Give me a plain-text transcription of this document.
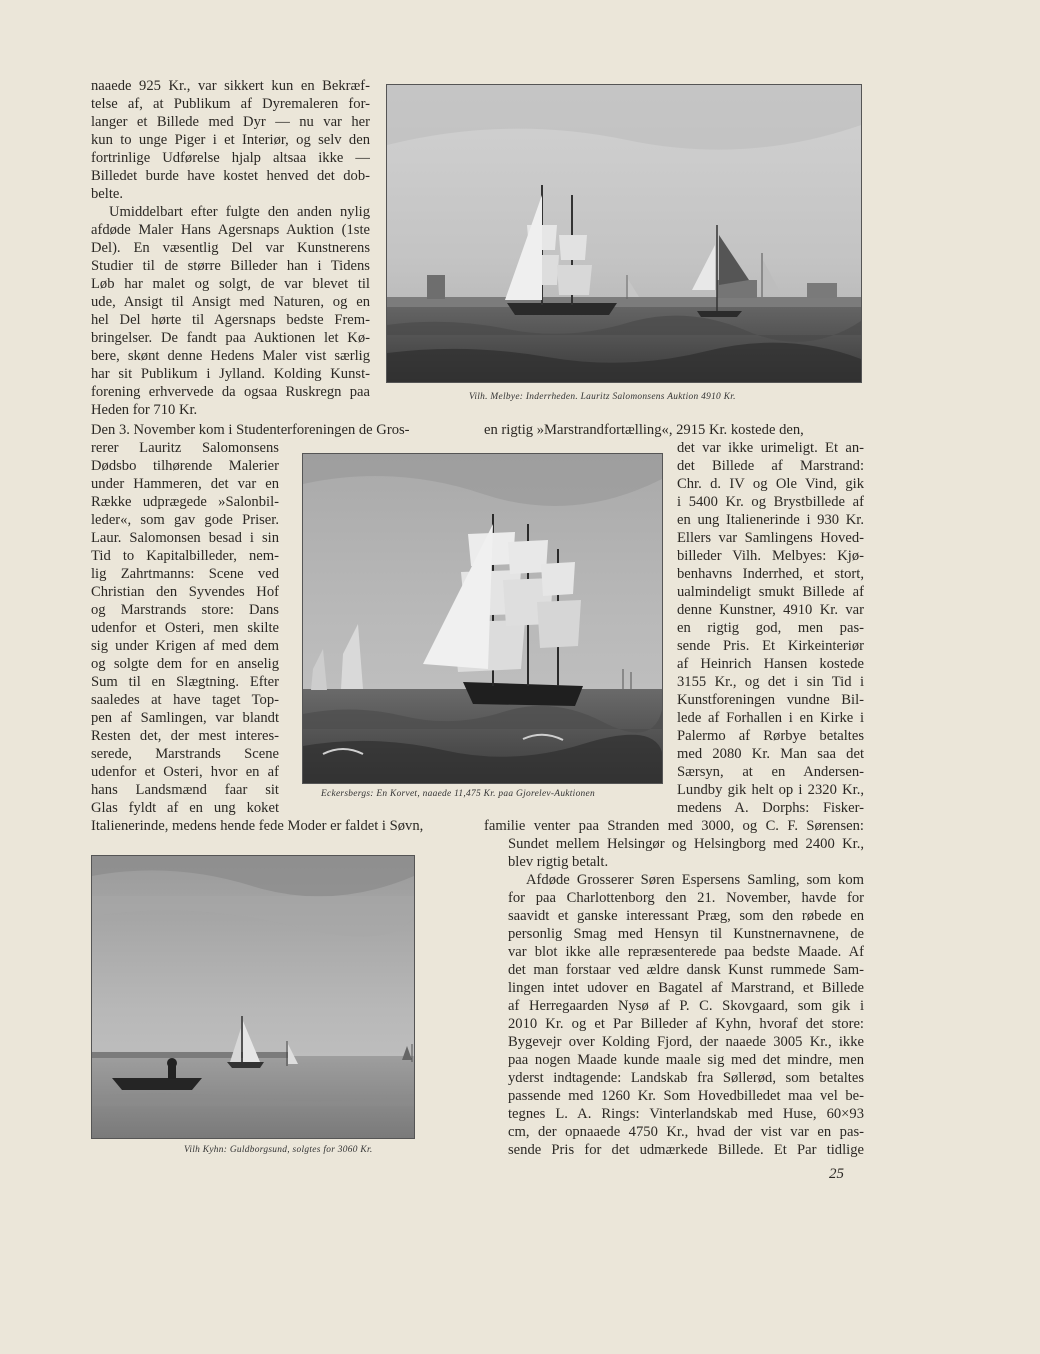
naaede 925 Kr., var sikkert kun en Bekræf-
telse af, at Publikum af Dyremaleren for-
langer et Billede med Dyr — nu var her
kun to unge Piger i et Interiør, og selv den
fortrinlige Udførelse hjalp altsaa ikke —
Billedet burde have kostet henved det dob-
belte.
Umiddelbart efter fulgte den anden nylig
afdøde Maler Hans Agersnaps Auktion (1ste
Del). En væsentlig Del var Kunstnerens
Studier til de større Billeder han i Tidens
Løb har malet og solgt, de var blevet til
ude, Ansigt til Ansigt med Naturen, og en
hel Del hørte til Agersnaps bedste Frem-
bringelser. De fandt paa Auktionen let Kø-
bere, skønt denne Hedens Maler vist særlig
har sit Publikum i Jylland. Kolding Kunst-
forening erhvervede da ogsaa Ruskregn paa
Heden for 710 Kr.
Vilh. Melbye: Inderrheden. Lauritz Salomonsens Auktion 4910 Kr.
Den 3. November kom i Studenterforeningen de Gros-	en rigtig »Marstrandfortælling«, 2915 Kr. kostede den,
rerer Lauritz Salomonsens
Dødsbo tilhørende Malerier
under Hammeren, det var en
Række udprægede »Salonbil-
leder«, som gav gode Priser.
Laur. Salomonsen besad i sin
Tid to Kapitalbilleder, nem-
lig Zahrtmanns: Scene ved
Christian den Syvendes Hof
og Marstrands store: Dans
udenfor et Osteri, men skilte
sig under Krigen af med dem
og solgte dem for en anselig
Sum til en Slægtning. Efter
saaledes at have taget Top-
pen af Samlingen, var blandt
Resten det, der mest interes-
serede, Marstrands Scene
udenfor et Osteri, hvor en af
hans Landsmænd faar sit
Glas fyldt af en ung koket
Eckersbergs: En Korvet, naaede 11,475 Kr. paa Gjorelev-Auktionen
det var ikke urimeligt. Et an-
det Billede af Marstrand:
Chr. d. IV og Ole Vind, gik
i 5400 Kr. og Brystbillede af
en ung Italienerinde i 930 Kr.
Ellers var Samlingens Hoved-
billeder Vilh. Melbyes: Kjø-
benhavns Inderrhed, et stort,
ualmindeligt smukt Billede af
denne Kunstner, 4910 Kr. var
en rigtig god, men pas-
sende Pris. Et Kirkeinteriør
af Heinrich Hansen kostede
3155 Kr., og det i sin Tid i
Kunstforeningen vundne Bil-
lede af Forhallen i en Kirke i
Palermo af Rørbye betaltes
med 2080 Kr. Man saa det
Særsyn, at en Andersen-
Lundby gik helt op i 2320 Kr.,
medens A. Dorphs: Fisker-
Italienerinde, medens hende fede Moder er faldet i Søvn,
Vilh Kyhn: Guldborgsund, solgtes for 3060 Kr.
familie venter paa Stranden med 3000, og C. F. Sørensen:
Sundet mellem Helsingør og Helsingborg med 2400 Kr.,
blev rigtig betalt.
Afdøde Grosserer Søren Espersens Samling, som kom
for paa Charlottenborg den 21. November, havde for
saavidt et ganske interessant Præg, som den røbede en
personlig Smag med Hensyn til Kunstnernavnene, de
var blot ikke alle repræsenterede paa bedste Maade. Af
det man forstaar ved ældre dansk Kunst rummede Sam-
lingen intet udover en Bagatel af Marstrand, et Billede
af Herregaarden Nysø af P. C. Skovgaard, som gik i
2010 Kr. og et Par Billeder af Kyhn, hvoraf det store:
Bygevejr over Kolding Fjord, der naaede 3005 Kr., ikke
paa nogen Maade kunde maale sig med det mindre, men
yderst indtagende: Landskab fra Søllerød, som betaltes
passende med 1260 Kr. Som Hovedbilledet maa vel be-
tegnes L. A. Rings: Vinterlandskab med Huse, 60×93
cm, der opnaaede 4750 Kr., hvad der vist var en pas-
sende Pris for det udmærkede Billede. Et Par tidlige
25
